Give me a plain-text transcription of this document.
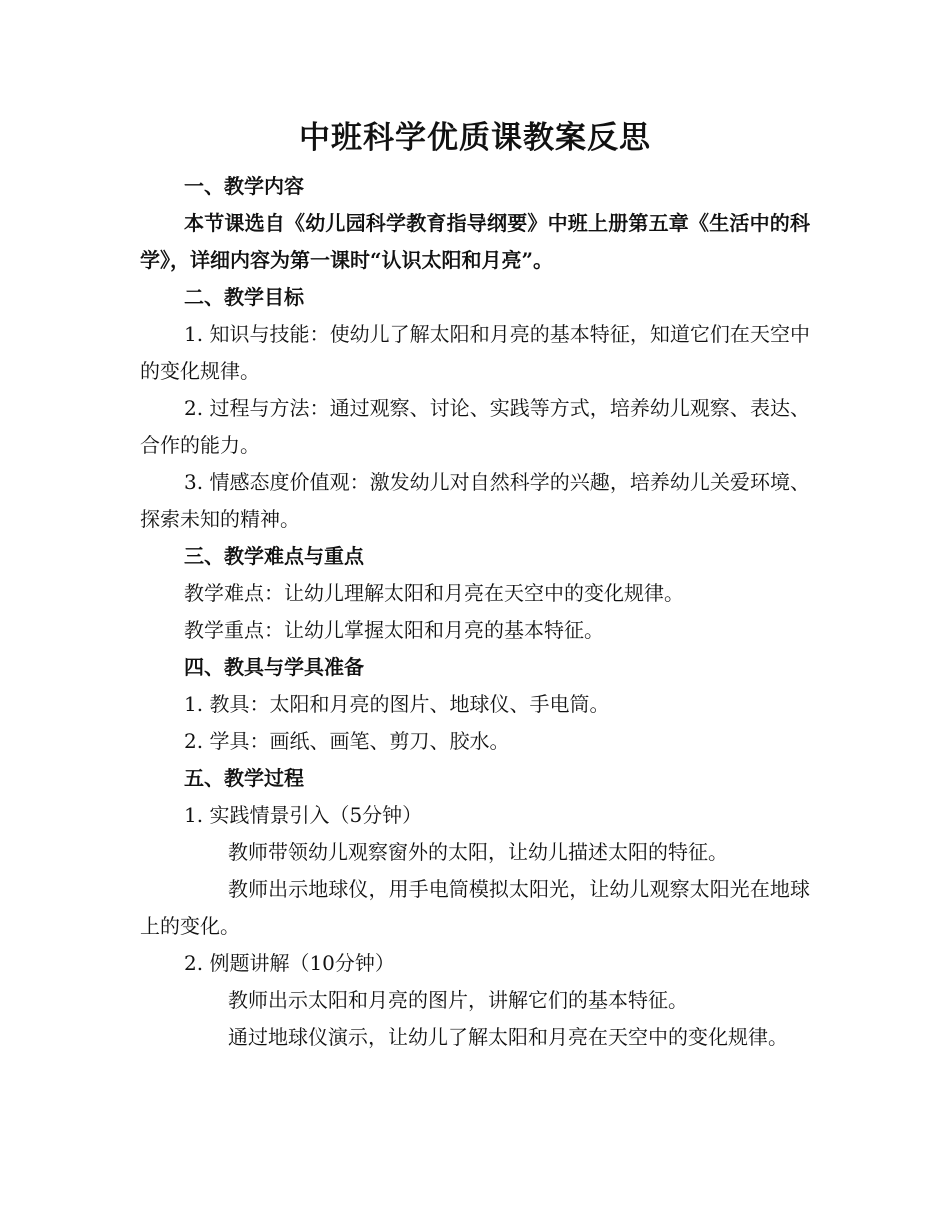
中班科学优质课教案反思

一、教学内容

本节课选自《幼儿园科学教育指导纲要》中班上册第五章《生活中的科学》，详细内容为第一课时“认识太阳和月亮”。

二、教学目标

1. 知识与技能：使幼儿了解太阳和月亮的基本特征，知道它们在天空中的变化规律。

2. 过程与方法：通过观察、讨论、实践等方式，培养幼儿观察、表达、合作的能力。

3. 情感态度价值观：激发幼儿对自然科学的兴趣，培养幼儿关爱环境、探索未知的精神。

三、教学难点与重点

教学难点：让幼儿理解太阳和月亮在天空中的变化规律。

教学重点：让幼儿掌握太阳和月亮的基本特征。

四、教具与学具准备

1. 教具：太阳和月亮的图片、地球仪、手电筒。

2. 学具：画纸、画笔、剪刀、胶水。

五、教学过程

1. 实践情景引入（5分钟）

教师带领幼儿观察窗外的太阳，让幼儿描述太阳的特征。

教师出示地球仪，用手电筒模拟太阳光，让幼儿观察太阳光在地球上的变化。

2. 例题讲解（10分钟）

教师出示太阳和月亮的图片，讲解它们的基本特征。

通过地球仪演示，让幼儿了解太阳和月亮在天空中的变化规律。
